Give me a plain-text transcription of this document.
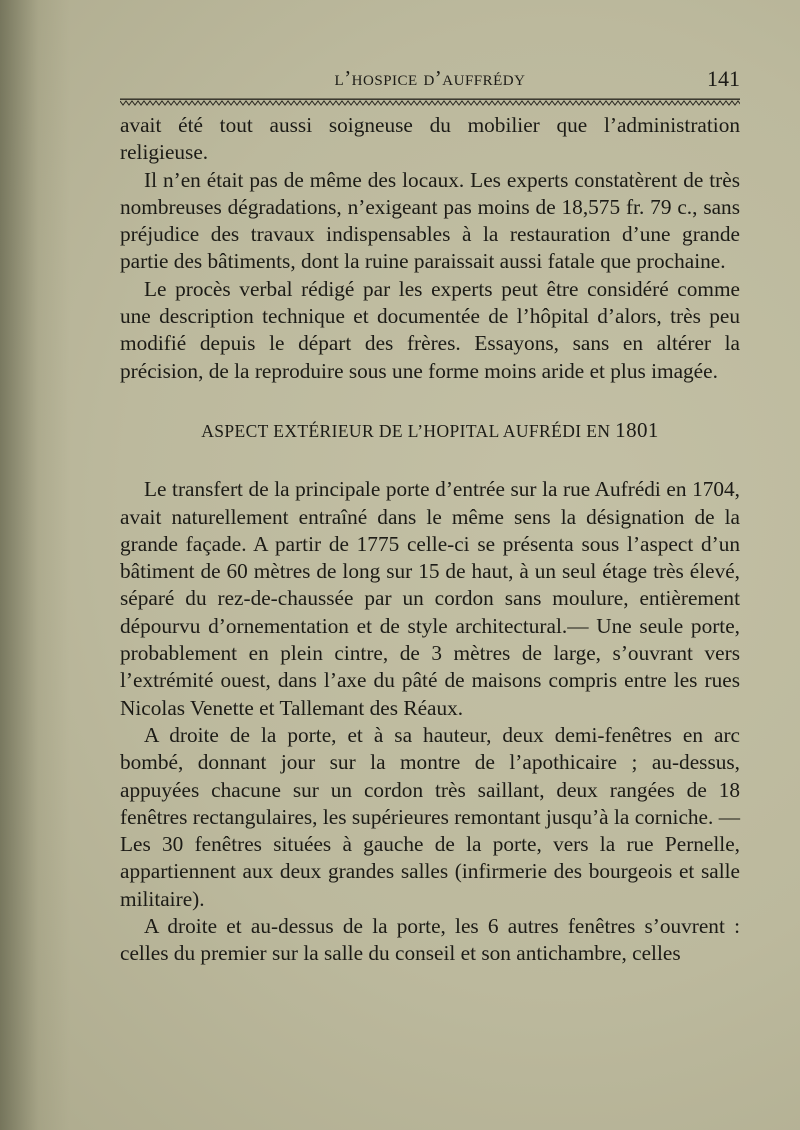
l’hospice d’auffrédy	141

avait été tout aussi soigneuse du mobilier que l’administration religieuse.

Il n’en était pas de même des locaux. Les experts constatèrent de très nombreuses dégradations, n’exigeant pas moins de 18,575 fr. 79 c., sans préjudice des travaux indispensables à la restauration d’une grande partie des bâtiments, dont la ruine paraissait aussi fatale que prochaine.

Le procès verbal rédigé par les experts peut être considéré comme une description technique et documentée de l’hôpital d’alors, très peu modifié depuis le départ des frères. Essayons, sans en altérer la précision, de la reproduire sous une forme moins aride et plus imagée.

ASPECT EXTÉRIEUR DE L’HOPITAL AUFRÉDI EN 1801

Le transfert de la principale porte d’entrée sur la rue Aufrédi en 1704, avait naturellement entraîné dans le même sens la désignation de la grande façade. A partir de 1775 celle-ci se présenta sous l’aspect d’un bâtiment de 60 mètres de long sur 15 de haut, à un seul étage très élevé, séparé du rez-de-chaussée par un cordon sans moulure, entièrement dépourvu d’ornementation et de style architectural.— Une seule porte, probablement en plein cintre, de 3 mètres de large, s’ouvrant vers l’extrémité ouest, dans l’axe du pâté de maisons compris entre les rues Nicolas Venette et Tallemant des Réaux.

A droite de la porte, et à sa hauteur, deux demi-fenêtres en arc bombé, donnant jour sur la montre de l’apothicaire ; au-dessus, appuyées chacune sur un cordon très saillant, deux rangées de 18 fenêtres rectangulaires, les supérieures remontant jusqu’à la corniche. — Les 30 fenêtres situées à gauche de la porte, vers la rue Pernelle, appartiennent aux deux grandes salles (infirmerie des bourgeois et salle militaire).

A droite et au-dessus de la porte, les 6 autres fenêtres s’ouvrent : celles du premier sur la salle du conseil et son antichambre, celles
